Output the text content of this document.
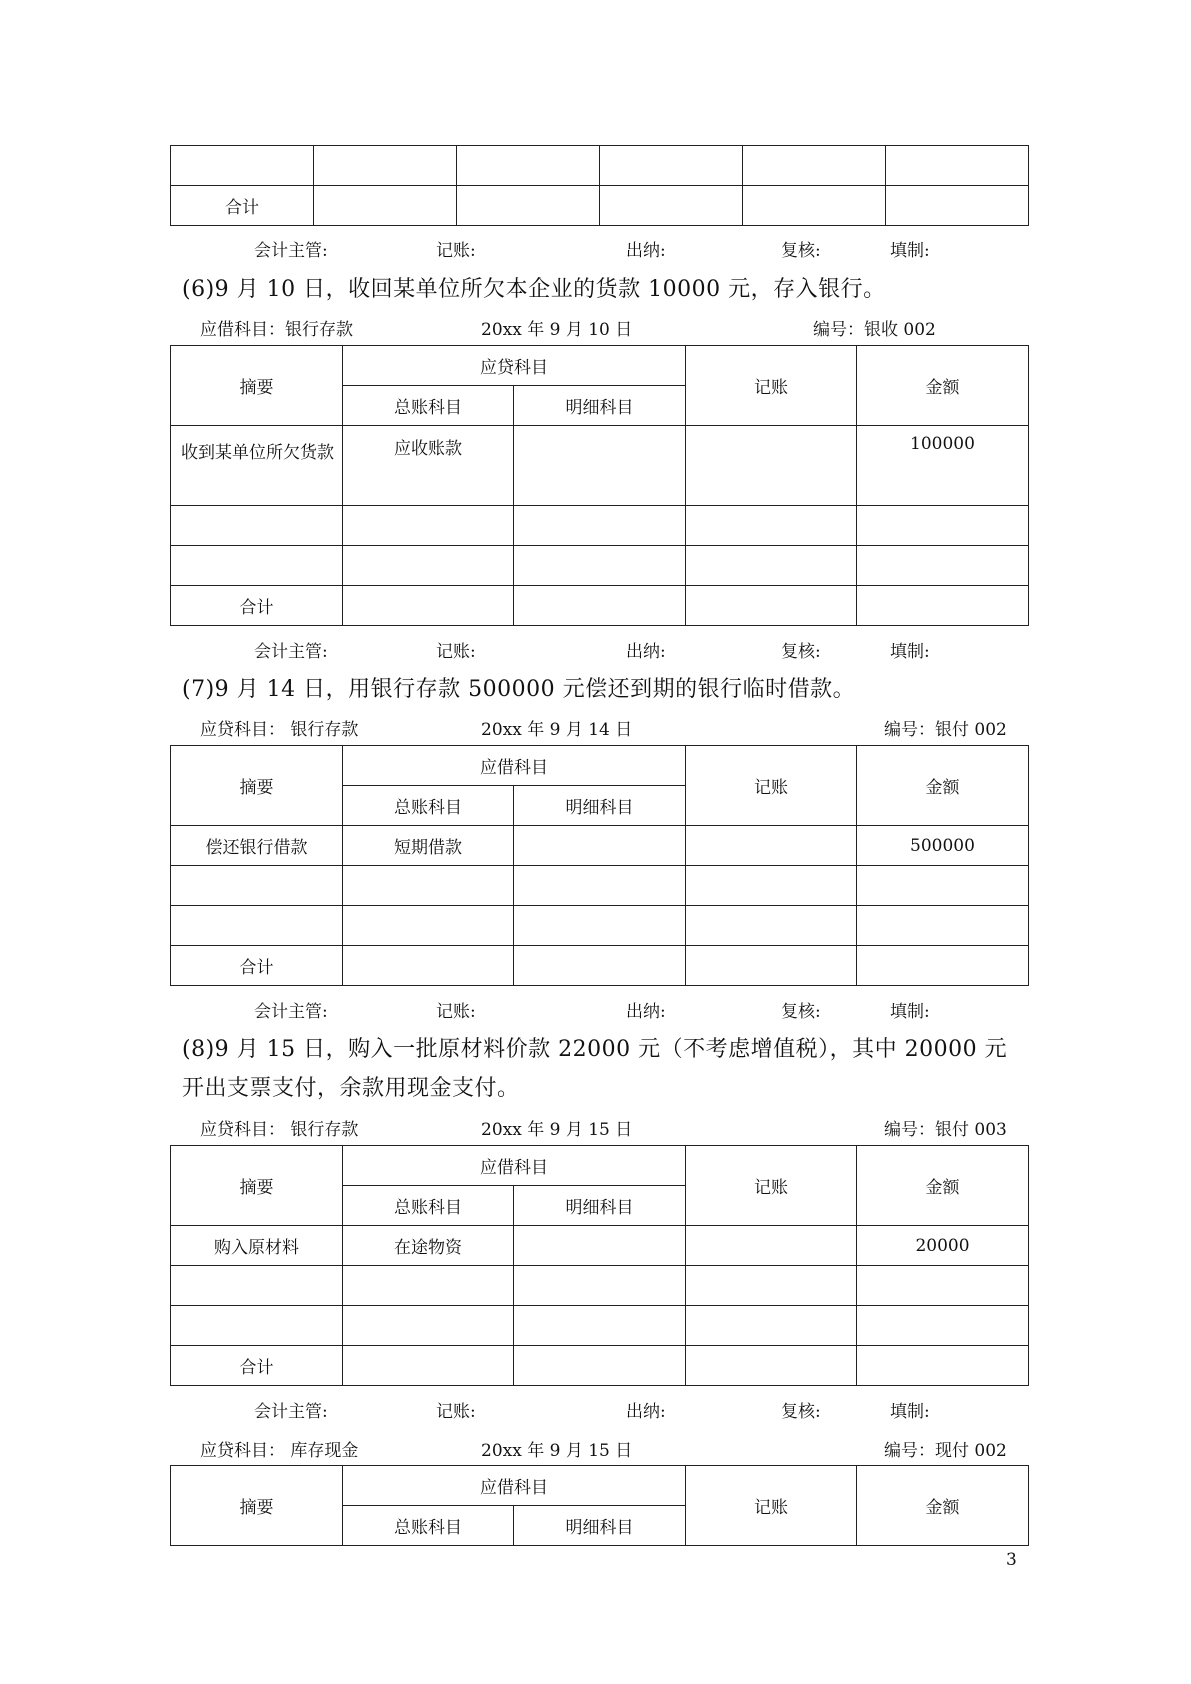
合计					
会计主管:	记账:	出纳:	复核:	填制:
(6)9 月 10 日，收回某单位所欠本企业的货款 10000 元，存入银行。
应借科目：银行存款	20xx 年 9 月 10 日	编号：银收 002
摘要	应贷科目		记账	金额
	总账科目	明细科目		
收到某单位所欠货款	应收账款			100000

合计				
会计主管:	记账:	出纳:	复核:	填制:
(7)9 月 14 日，用银行存款 500000 元偿还到期的银行临时借款。
应贷科目： 银行存款	20xx 年 9 月 14 日	编号：银付 002
摘要	应借科目		记账	金额
	总账科目	明细科目		
偿还银行借款	短期借款			500000

合计				
会计主管:	记账:	出纳:	复核:	填制:
(8)9 月 15 日，购入一批原材料价款 22000 元（不考虑增值税），其中 20000 元
开出支票支付，余款用现金支付。
应贷科目： 银行存款	20xx 年 9 月 15 日	编号：银付 003
摘要	应借科目		记账	金额
	总账科目	明细科目		
购入原材料	在途物资			20000

合计				
会计主管:	记账:	出纳:	复核:	填制:
应贷科目： 库存现金	20xx 年 9 月 15 日	编号：现付 002
摘要	应借科目		记账	金额
	总账科目	明细科目		
3
